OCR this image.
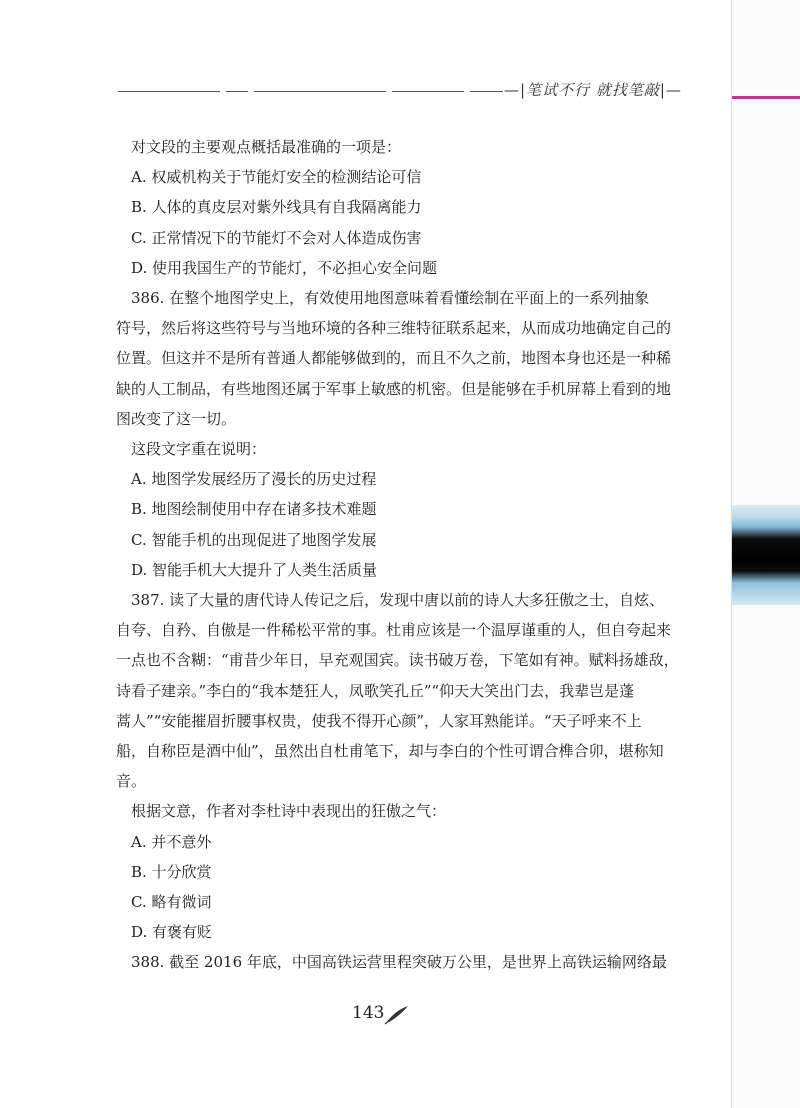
—|笔试不行 就找笔敲|—
对文段的主要观点概括最准确的一项是：
A. 权威机构关于节能灯安全的检测结论可信
B. 人体的真皮层对紫外线具有自我隔离能力
C. 正常情况下的节能灯不会对人体造成伤害
D. 使用我国生产的节能灯，不必担心安全问题
386. 在整个地图学史上，有效使用地图意味着看懂绘制在平面上的一系列抽象
符号，然后将这些符号与当地环境的各种三维特征联系起来，从而成功地确定自己的
位置。但这并不是所有普通人都能够做到的，而且不久之前，地图本身也还是一种稀
缺的人工制品，有些地图还属于军事上敏感的机密。但是能够在手机屏幕上看到的地
图改变了这一切。
这段文字重在说明：
A. 地图学发展经历了漫长的历史过程
B. 地图绘制使用中存在诸多技术难题
C. 智能手机的出现促进了地图学发展
D. 智能手机大大提升了人类生活质量
387. 读了大量的唐代诗人传记之后，发现中唐以前的诗人大多狂傲之士，自炫、
自夸、自矜、自傲是一件稀松平常的事。杜甫应该是一个温厚谨重的人，但自夸起来
一点也不含糊：“甫昔少年日，早充观国宾。读书破万卷，下笔如有神。赋料扬雄敌，
诗看子建亲。”李白的“我本楚狂人，凤歌笑孔丘”“仰天大笑出门去，我辈岂是蓬
蒿人”“安能摧眉折腰事权贵，使我不得开心颜”，人家耳熟能详。“天子呼来不上
船，自称臣是酒中仙”，虽然出自杜甫笔下，却与李白的个性可谓合榫合卯，堪称知
音。
根据文意，作者对李杜诗中表现出的狂傲之气：
A. 并不意外
B. 十分欣赏
C. 略有微词
D. 有褒有贬
388. 截至 2016 年底，中国高铁运营里程突破万公里，是世界上高铁运输网络最
143
